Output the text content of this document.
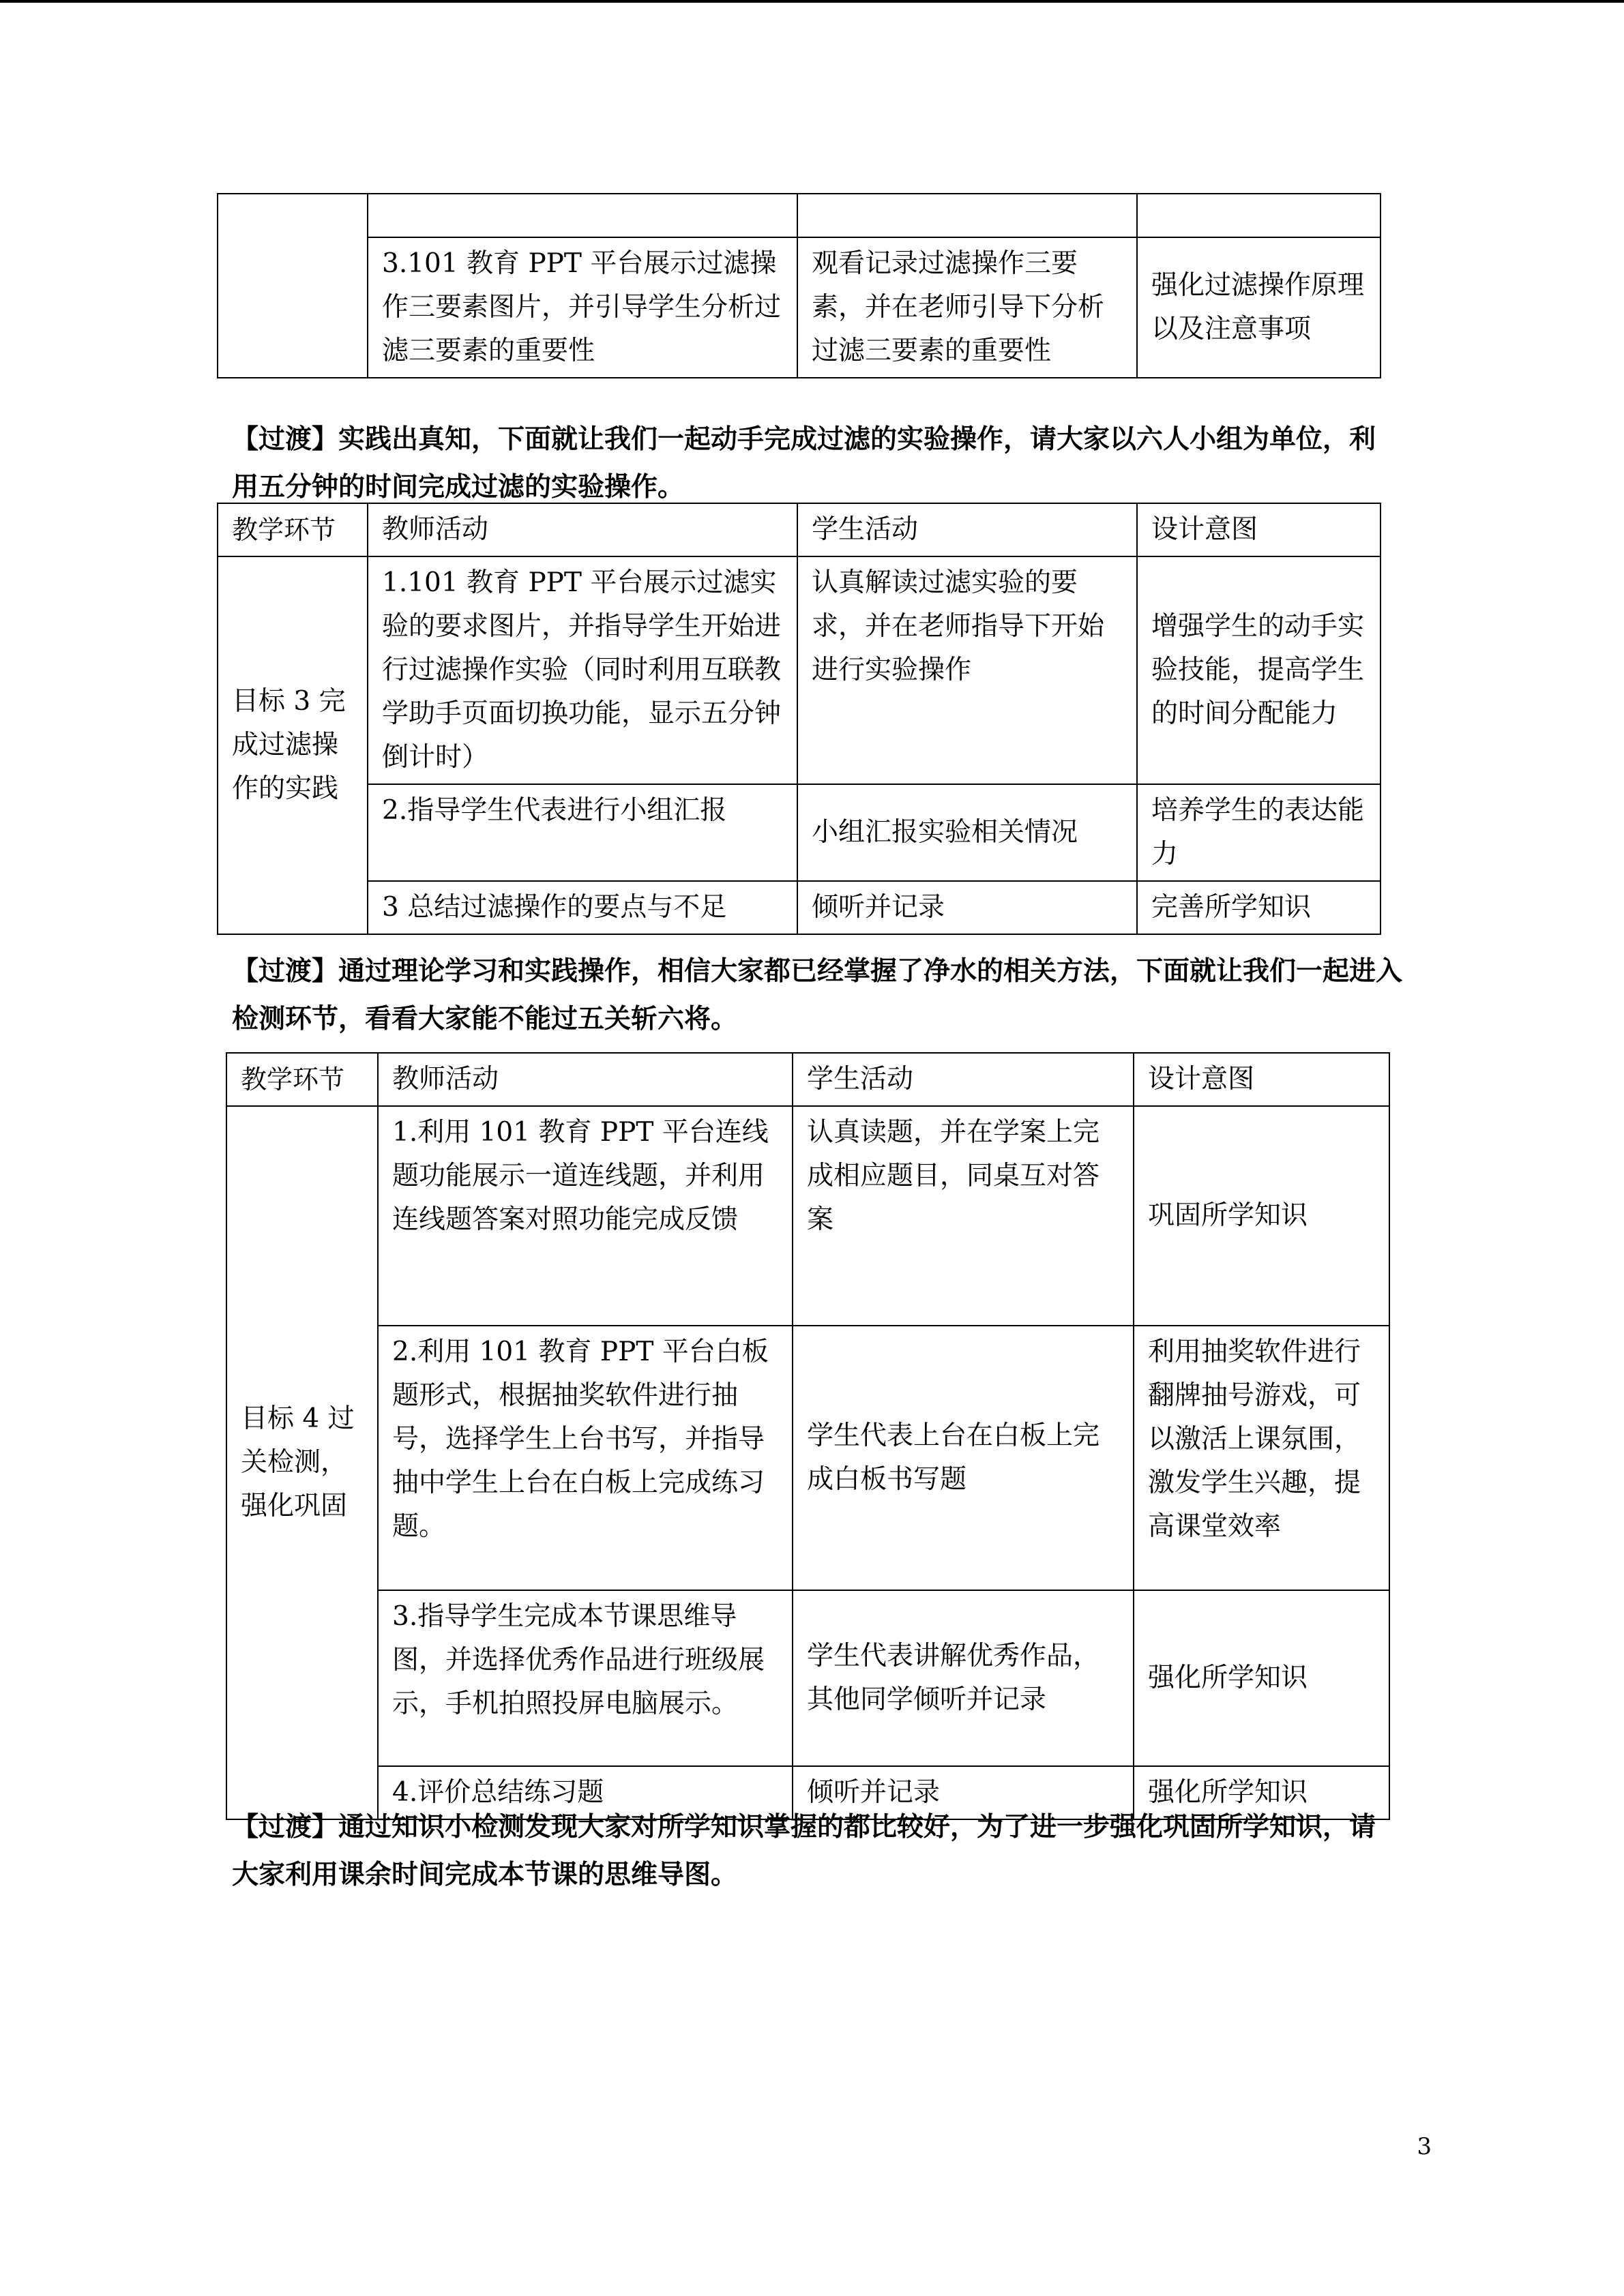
	3.101 教育 PPT 平台展示过滤操作三要素图片，并引导学生分析过滤三要素的重要性	观看记录过滤操作三要素，并在老师引导下分析过滤三要素的重要性	强化过滤操作原理以及注意事项

【过渡】实践出真知，下面就让我们一起动手完成过滤的实验操作，请大家以六人小组为单位，利用五分钟的时间完成过滤的实验操作。

教学环节	教师活动	学生活动	设计意图
目标 3 完成过滤操作的实践	1.101 教育 PPT 平台展示过滤实验的要求图片，并指导学生开始进行过滤操作实验（同时利用互联教学助手页面切换功能，显示五分钟倒计时）	认真解读过滤实验的要求，并在老师指导下开始进行实验操作	增强学生的动手实验技能，提高学生的时间分配能力
	2.指导学生代表进行小组汇报	小组汇报实验相关情况	培养学生的表达能力
	3 总结过滤操作的要点与不足	倾听并记录	完善所学知识

【过渡】通过理论学习和实践操作，相信大家都已经掌握了净水的相关方法，下面就让我们一起进入检测环节，看看大家能不能过五关斩六将。

教学环节	教师活动	学生活动	设计意图
目标 4 过关检测，强化巩固	1.利用 101 教育 PPT 平台连线题功能展示一道连线题，并利用连线题答案对照功能完成反馈	认真读题，并在学案上完成相应题目，同桌互对答案	巩固所学知识
	2.利用 101 教育 PPT 平台白板题形式，根据抽奖软件进行抽号，选择学生上台书写，并指导抽中学生上台在白板上完成练习题。	学生代表上台在白板上完成白板书写题	利用抽奖软件进行翻牌抽号游戏，可以激活上课氛围，激发学生兴趣，提高课堂效率
	3.指导学生完成本节课思维导图，并选择优秀作品进行班级展示，手机拍照投屏电脑展示。	学生代表讲解优秀作品，其他同学倾听并记录	强化所学知识
	4.评价总结练习题	倾听并记录	强化所学知识

【过渡】通过知识小检测发现大家对所学知识掌握的都比较好，为了进一步强化巩固所学知识，请大家利用课余时间完成本节课的思维导图。

3
